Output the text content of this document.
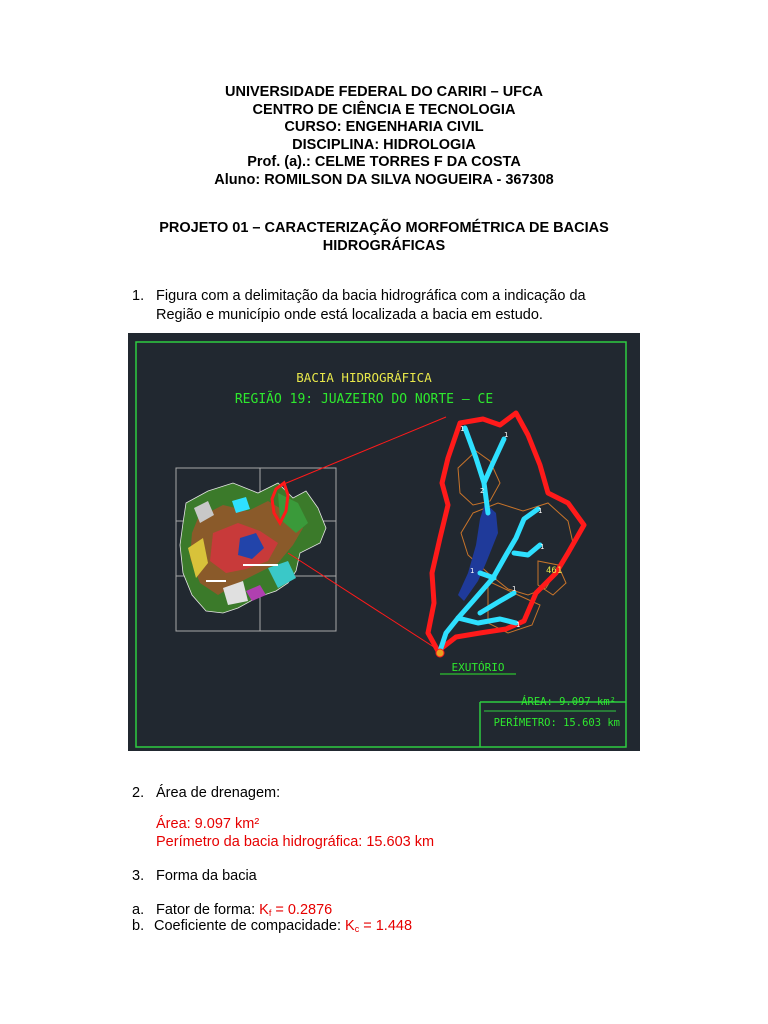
UNIVERSIDADE FEDERAL DO CARIRI – UFCA
CENTRO DE CIÊNCIA E TECNOLOGIA
CURSO: ENGENHARIA CIVIL
DISCIPLINA: HIDROLOGIA
Prof. (a).: CELME TORRES F DA COSTA
Aluno: ROMILSON DA SILVA NOGUEIRA - 367308
PROJETO 01 – CARACTERIZAÇÃO MORFOMÉTRICA DE BACIAS
HIDROGRÁFICAS
1. Figura com a delimitação da bacia hidrográfica com a indicação da
Região e município onde está localizada a bacia em estudo.
BACIA HIDROGRÁFICA
REGIÃO 19: JUAZEIRO DO NORTE – CE
1
1
2
1
1
1
1
1	461
EXUTÓRIO
ÁREA: 9.097 km²
PERÍMETRO: 15.603 km
2. Área de drenagem:
Área: 9.097 km²
Perímetro da bacia hidrográfica: 15.603 km
3. Forma da bacia
a. Fator de forma: $K_f = 0.2876$
b. Coeficiente de compacidade: $K_c = 1.448$
